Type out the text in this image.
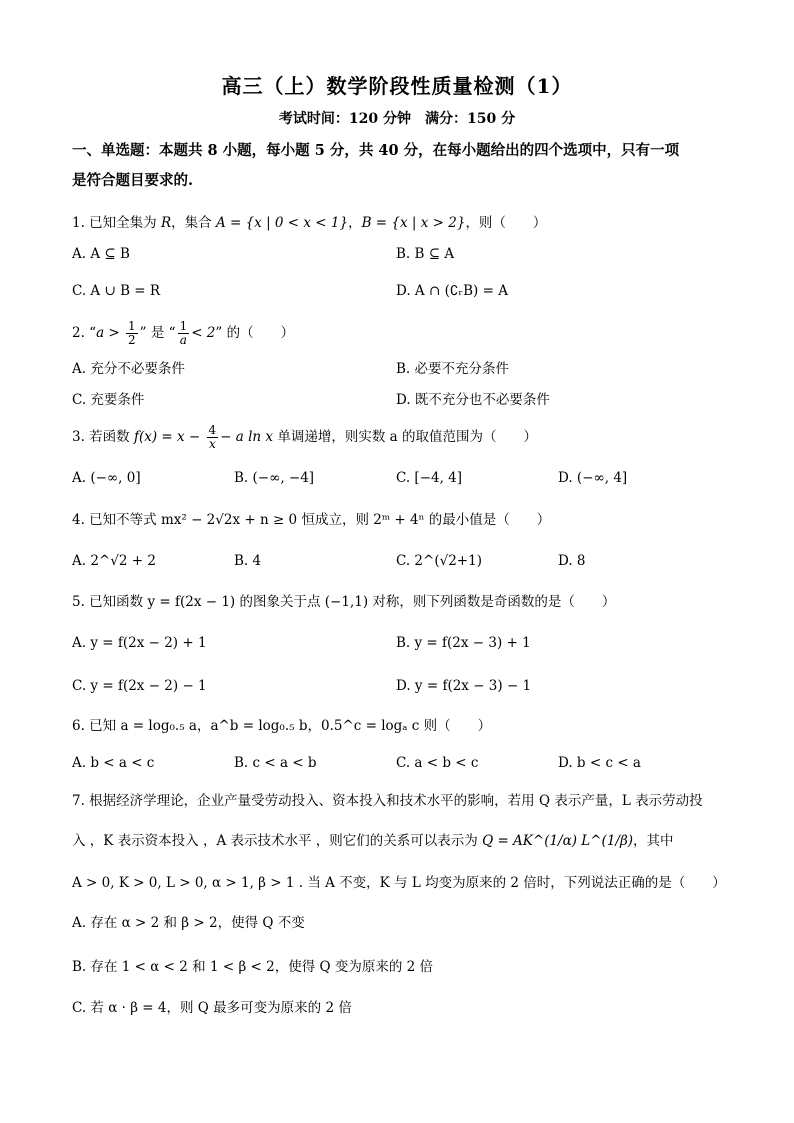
高三（上）数学阶段性质量检测（1）
考试时间：120 分钟　满分：150 分
一、单选题：本题共 8 小题，每小题 5 分，共 40 分，在每小题给出的四个选项中，只有一项
是符合题目要求的.
1. 已知全集为 R，集合 A = {x | 0 < x < 1}，B = {x | x > 2}，则（　　）
A. A ⊆ B	B. B ⊆ A
C. A ∪ B = R	D. A ∩ (∁ᵣB) = A
2. “$a > \frac{1}{2}$ ” 是 “ $\frac{1}{a} < 2$” 的（　　）
A. 充分不必要条件	B. 必要不充分条件
C. 充要条件	D. 既不充分也不必要条件
3. 若函数 $f(x) = x - \frac{4}{x} - a$ ln x 单调递增，则实数 a 的取值范围为（　　）
A. (−∞, 0]	B. (−∞, −4]	C. [−4, 4]	D. (−∞, 4]
4. 已知不等式 mx² − 2√2x + n ≥ 0 恒成立，则 2ᵐ + 4ⁿ 的最小值是（　　）
A. 2^√2 + 2	B. 4	C. 2^(√2+1)	D. 8
5. 已知函数 y = f(2x − 1) 的图象关于点 (−1,1) 对称，则下列函数是奇函数的是（　　）
A. y = f(2x − 2) + 1	B. y = f(2x − 3) + 1
C. y = f(2x − 2) − 1	D. y = f(2x − 3) − 1
6. 已知 a = log₀.₅ a，a^b = log₀.₅ b，0.5^c = logₐ c 则（　　）
A. b < a < c	B. c < a < b	C. a < b < c	D. b < c < a
7. 根据经济学理论，企业产量受劳动投入、资本投入和技术水平的影响，若用 Q 表示产量，L 表示劳动投
入 ，K 表示资本投入 ，A 表示技术水平 ，则它们的关系可以表示为 Q = AK^(1/α) L^(1/β)，其中
A > 0, K > 0, L > 0, α > 1, β > 1 . 当 A 不变，K 与 L 均变为原来的 2 倍时，下列说法正确的是（　　）
A. 存在 α > 2 和 β > 2，使得 Q 不变
B. 存在 1 < α < 2 和 1 < β < 2，使得 Q 变为原来的 2 倍
C. 若 α · β = 4，则 Q 最多可变为原来的 2 倍
